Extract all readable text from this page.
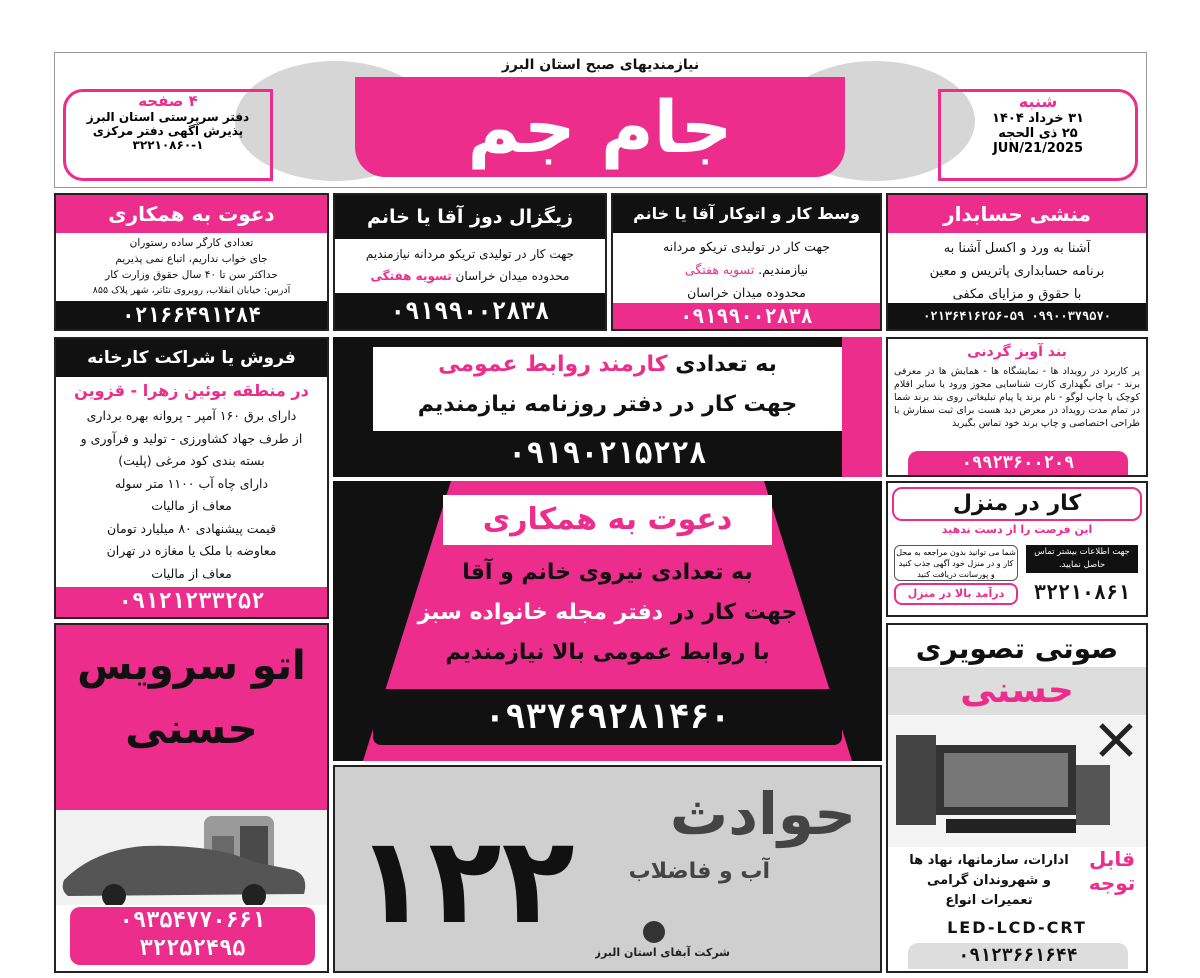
نیازمندیهای صبح استان البرز
جام جم	شنبه
۳۱ خرداد ۱۴۰۴
۲۵ ذی الحجه
2025/JUN/21
۴ صفحه
دفتر سرپرستی استان البرز
پذیرش آگهی دفتر مرکزی
۳۲۲۱۰۸۶۰-۱
منشی حسابدار
آشنا به ورد و اکسل آشنا به
برنامه حسابداری پاتریس و معین
با حقوق و مزایای مکفی
۰۲۱۳۶۴۱۶۲۵۶-۵۹ ۰۹۹۰۰۳۷۹۵۷۰
وسط کار و اتوکار آقا یا خانم
جهت کار در تولیدی تریکو مردانه
نیازمندیم. تسویه هفتگی
محدوده میدان خراسان
۰۹۱۹۹۰۰۲۸۳۸
زیگزال دوز آقا یا خانم
جهت کار در تولیدی تریکو مردانه نیازمندیم
محدوده میدان خراسان تسویه هفتگی
۰۹۱۹۹۰۰۲۸۳۸
دعوت به همکاری
تعدادی کارگر ساده رستوران
جای خواب نداریم، اتباع نمی پذیریم
حداکثر سن تا ۴۰ سال حقوق وزارت کار
آدرس: خیابان انقلاب، روبروی تئاتر، شهر پلاک ۸۵۵
۰۲۱۶۶۴۹۱۲۸۴
فروش یا شراکت کارخانه
در منطقه بوئین زهرا - قزوین
دارای برق ۱۶۰ آمپر - پروانه بهره برداری
از طرف جهاد کشاورزی - تولید و فرآوری و
بسته بندی کود مرغی (پلیت)
دارای چاه آب ۱۱۰۰ متر سوله
معاف از مالیات
قیمت پیشنهادی ۸۰ میلیارد تومان
معاوضه با ملک یا مغازه در تهران
معاف از مالیات
۰۹۱۲۱۲۳۳۲۵۲
به تعدادی کارمند روابط عمومی
جهت کار در دفتر روزنامه نیازمندیم
۰۹۱۹۰۲۱۵۲۲۸
بند آویز گردنی
پر کاربرد در رویداد ها - نمایشگاه ها - همایش ها در معرفی برند - برای نگهداری کارت شناسایی مجوز ورود یا سایر اقلام کوچک با چاپ لوگو - نام برند یا پیام تبلیغاتی روی بند برند شما در تمام مدت رویداد در معرض دید هست برای ثبت سفارش با طراحی اختصاصی و چاپ برند خود تماس بگیرید
۰۹۹۲۳۶۰۰۲۰۹
کار در منزل
این فرصت را از دست ندهید
شما می توانید بدون مراجعه به محل کار و در منزل خود آگهی جذب کنید و پورسانت دریافت کنید
درآمد بالا در منزل
جهت اطلاعات بیشتر تماس حاصل نمایید.
۳۲۲۱۰۸۶۱
دعوت به همکاری
به تعدادی نیروی خانم و آقا
جهت کار در دفتر مجله خانواده سبز
با روابط عمومی بالا نیازمندیم
۰۹۳۷۶۹۲۸۱۴۶۰
اتو سرویس
حسنی
۰۹۳۵۴۷۷۰۶۶۱
۳۲۲۵۲۴۹۵
حوادث
آب و فاضلاب
۱۲۲
شرکت آبفای استان البرز
صوتی تصویری
حسنی
قابل توجه
ادارات، سازمانها، نهاد ها
و شهروندان گرامی
تعمیرات انواع
LED-LCD-CRT
۰۹۱۲۳۶۶۱۶۴۴
